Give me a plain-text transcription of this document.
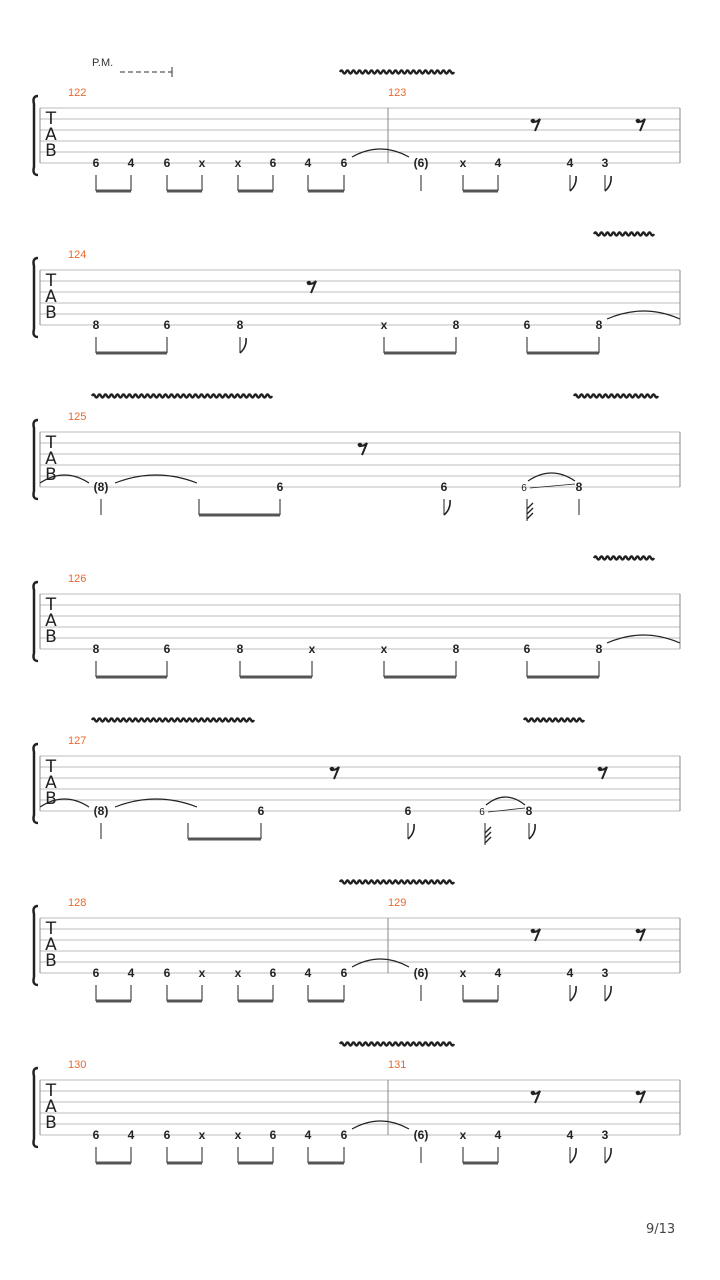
T
A
B
122	123
6 4 6 x x 6 4 6	(6)	x 4	4 3
P.M.
T
A
B
124
8	6	8	x	8	6	8
T
A
B
125
(8)	6	6	6	8
T
A
B
126
8	6	8	x	x	8	6	8
T
A
B
127
(8)	6	6	6	8
T
A
B
128	129
6 4 6 x x 6 4 6	(6)	x 4	4 3
T
A
B
130	131
6 4 6 x x 6 4 6	(6)	x 4	4 3
9/13
